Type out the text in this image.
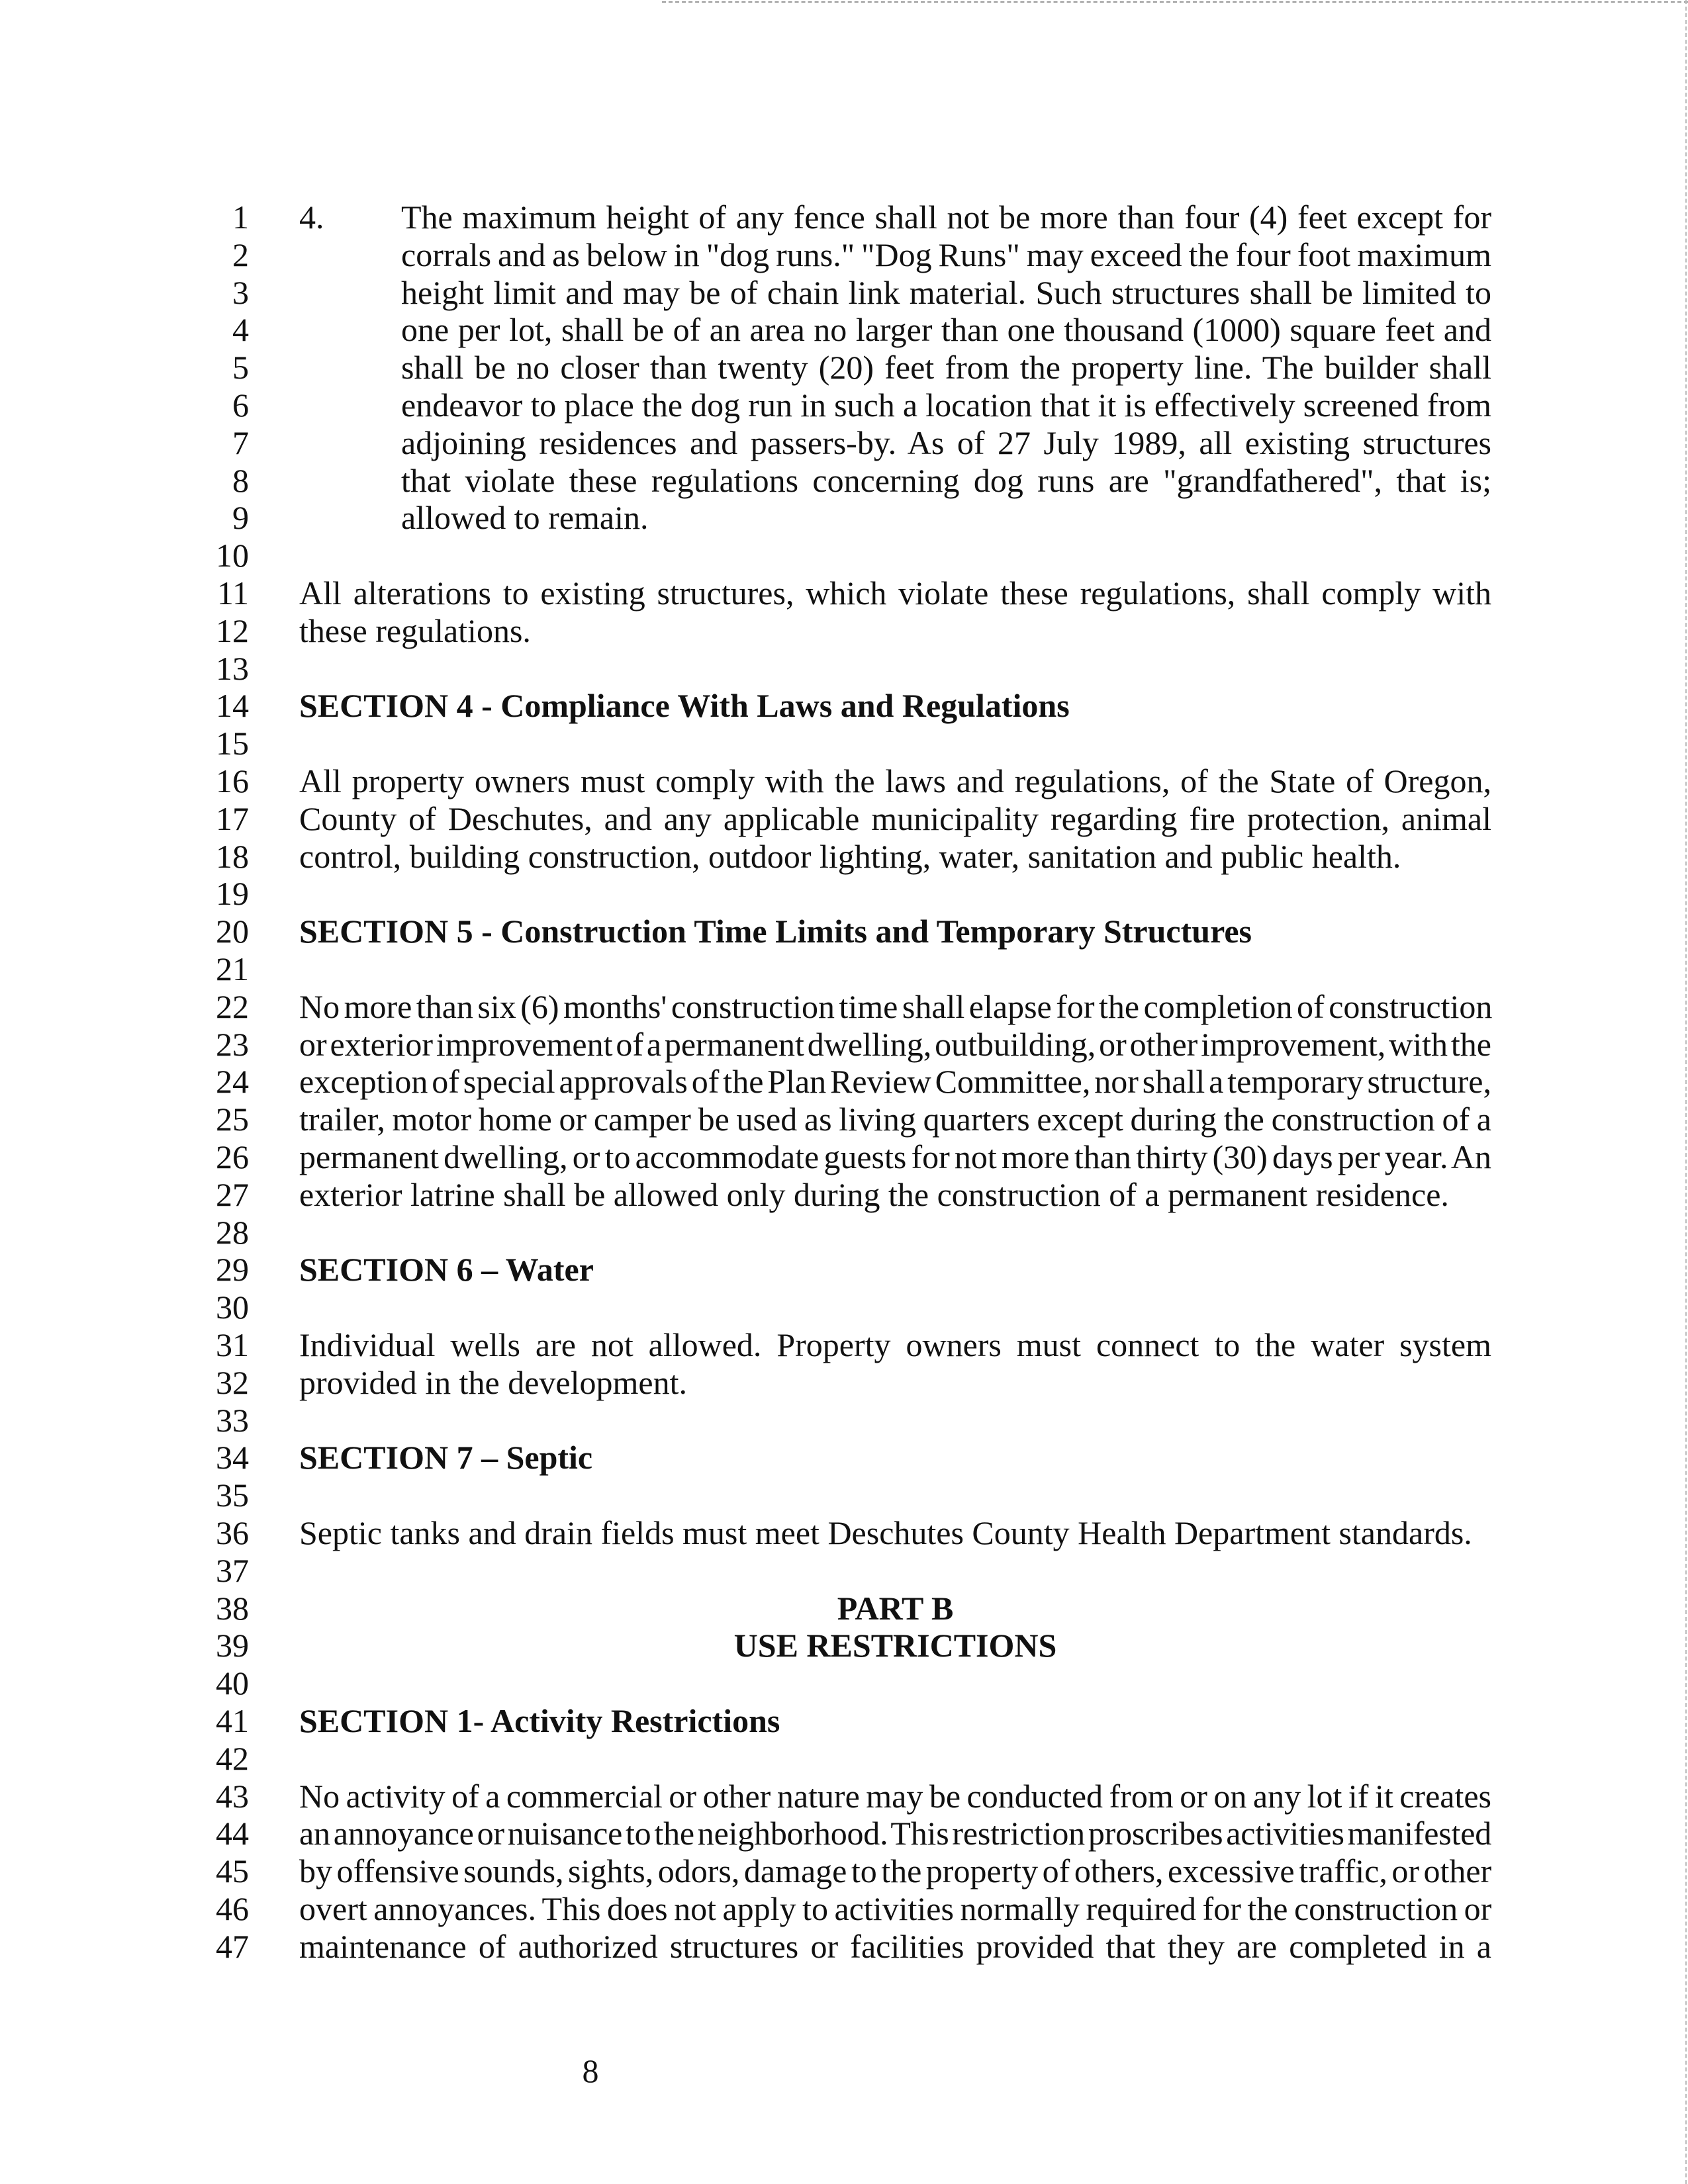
1 4. The maximum height of any fence shall not be more than four (4) feet except for
2	corrals and as below in "dog runs." "Dog Runs" may exceed the four foot maximum
3	height limit and may be of chain link material. Such structures shall be limited to
4	one per lot, shall be of an area no larger than one thousand (1000) square feet and
5	shall be no closer than twenty (20) feet from the property line. The builder shall
6	endeavor to place the dog run in such a location that it is effectively screened from
7	adjoining residences and passers-by. As of 27 July 1989, all existing structures
8	that violate these regulations concerning dog runs are "grandfathered", that is;
9	allowed to remain.
10
11 All alterations to existing structures, which violate these regulations, shall comply with
12 these regulations.
13
14 SECTION 4 - Compliance With Laws and Regulations
15
16 All property owners must comply with the laws and regulations, of the State of Oregon,
17 County of Deschutes, and any applicable municipality regarding fire protection, animal
18 control, building construction, outdoor lighting, water, sanitation and public health.
19
20 SECTION 5 - Construction Time Limits and Temporary Structures
21
22 No more than six (6) months' construction time shall elapse for the completion of construction
23 or exterior improvement of a permanent dwelling, outbuilding, or other improvement, with the
24 exception of special approvals of the Plan Review Committee, nor shall a temporary structure,
25 trailer, motor home or camper be used as living quarters except during the construction of a
26 permanent dwelling, or to accommodate guests for not more than thirty (30) days per year. An
27 exterior latrine shall be allowed only during the construction of a permanent residence.
28
29 SECTION 6 – Water
30
31 Individual wells are not allowed. Property owners must connect to the water system
32 provided in the development.
33
34 SECTION 7 – Septic
35
36 Septic tanks and drain fields must meet Deschutes County Health Department standards.
37
38	PART B
39	USE RESTRICTIONS
40
41 SECTION 1- Activity Restrictions
42
43 No activity of a commercial or other nature may be conducted from or on any lot if it creates
44 an annoyance or nuisance to the neighborhood. This restriction proscribes activities manifested
45 by offensive sounds, sights, odors, damage to the property of others, excessive traffic, or other
46 overt annoyances. This does not apply to activities normally required for the construction or
47 maintenance of authorized structures or facilities provided that they are completed in a
8
